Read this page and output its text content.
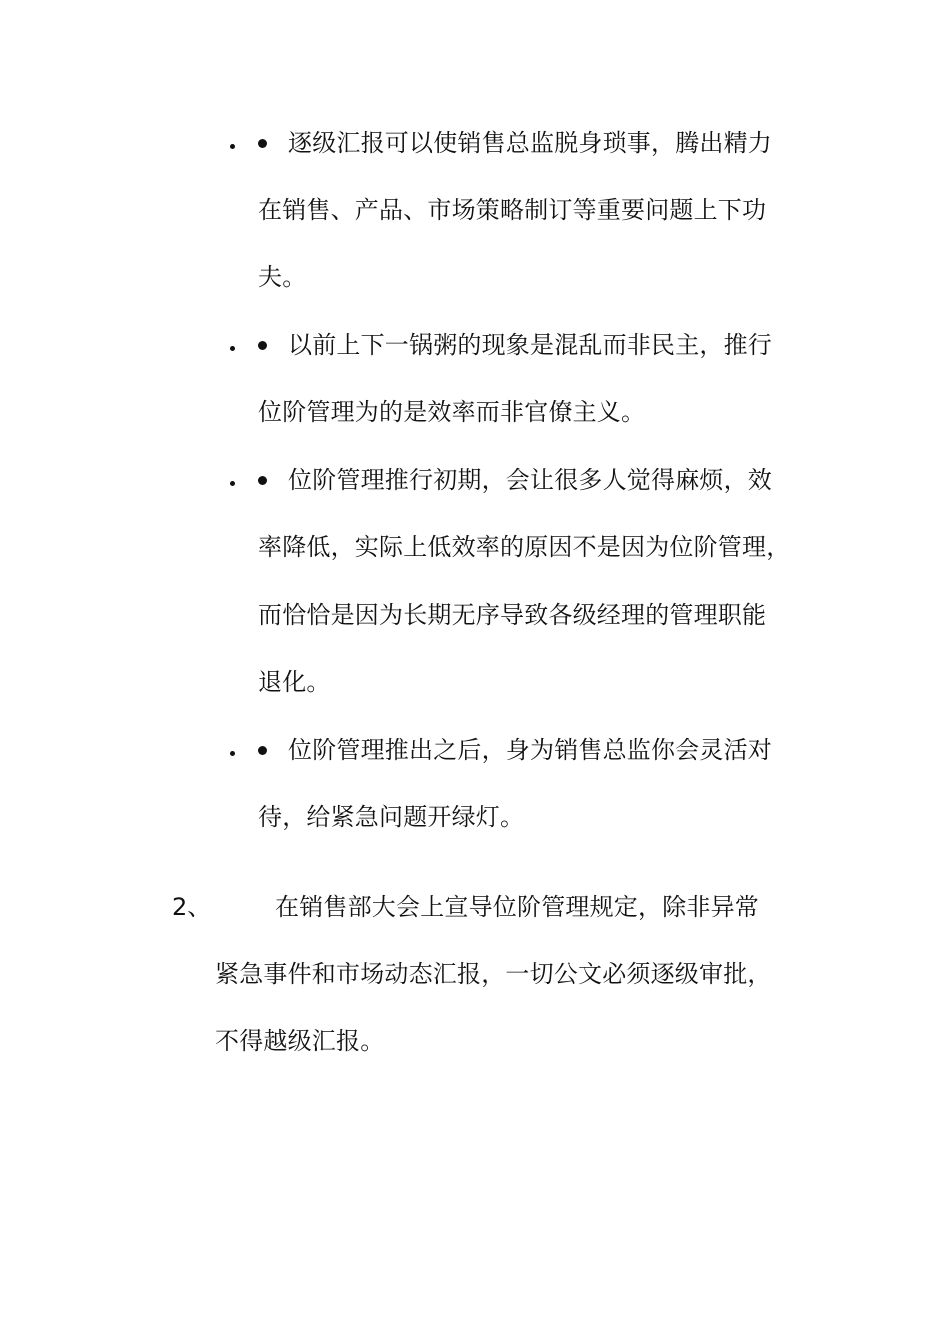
逐级汇报可以使销售总监脱身琐事，腾出精力
在销售、产品、市场策略制订等重要问题上下功
夫。
以前上下一锅粥的现象是混乱而非民主，推行
位阶管理为的是效率而非官僚主义。
位阶管理推行初期，会让很多人觉得麻烦，效
率降低，实际上低效率的原因不是因为位阶管理，
而恰恰是因为长期无序导致各级经理的管理职能
退化。
位阶管理推出之后，身为销售总监你会灵活对
待，给紧急问题开绿灯。
2、	在销售部大会上宣导位阶管理规定，除非异常
紧急事件和市场动态汇报，一切公文必须逐级审批，
不得越级汇报。
